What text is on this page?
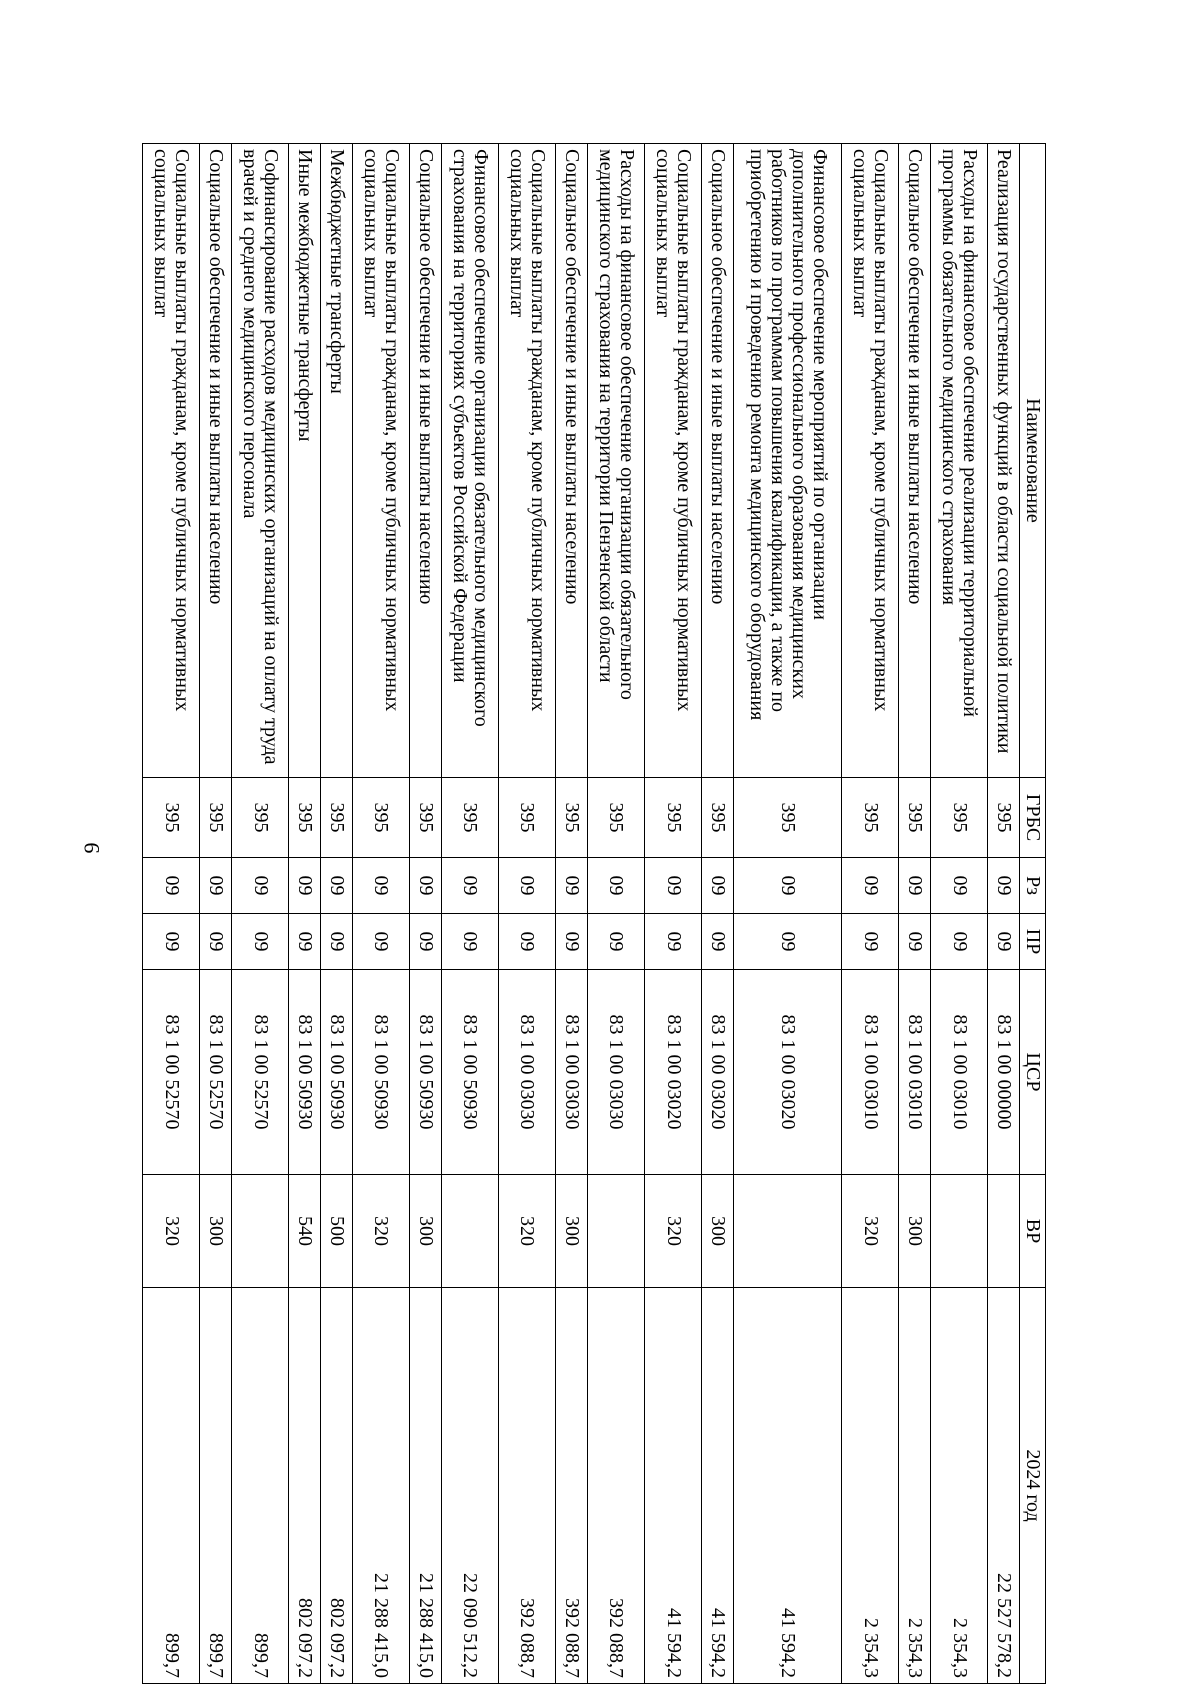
9
Наименование	ГРБС	Рз	ПР	ЦСР	ВР	2024 год
Реализация государственных функций в области социальной политики	395	09	09	83 1 00 00000		22 527 578,2
Расходы на финансовое обеспечение реализации территориальной программы обязательного медицинского страхования	395	09	09	83 1 00 03010		2 354,3
Социальное обеспечение и иные выплаты населению	395	09	09	83 1 00 03010	300	2 354,3
Социальные выплаты гражданам, кроме публичных нормативных социальных выплат	395	09	09	83 1 00 03010	320	2 354,3
Финансовое обеспечение мероприятий по организации дополнительного профессионального образования медицинских работников по программам повышения квалификации, а также по приобретению и проведению ремонта медицинского оборудования	395	09	09	83 1 00 03020		41 594,2
Социальное обеспечение и иные выплаты населению	395	09	09	83 1 00 03020	300	41 594,2
Социальные выплаты гражданам, кроме публичных нормативных социальных выплат	395	09	09	83 1 00 03020	320	41 594,2
Расходы на финансовое обеспечение организации обязательного медицинского страхования на территории Пензенской области	395	09	09	83 1 00 03030		392 088,7
Социальное обеспечение и иные выплаты населению	395	09	09	83 1 00 03030	300	392 088,7
Социальные выплаты гражданам, кроме публичных нормативных социальных выплат	395	09	09	83 1 00 03030	320	392 088,7
Финансовое обеспечение организации обязательного медицинского страхования на территориях субъектов Российской Федерации	395	09	09	83 1 00 50930		22 090 512,2
Социальное обеспечение и иные выплаты населению	395	09	09	83 1 00 50930	300	21 288 415,0
Социальные выплаты гражданам, кроме публичных нормативных социальных выплат	395	09	09	83 1 00 50930	320	21 288 415,0
Межбюджетные трансферты	395	09	09	83 1 00 50930	500	802 097,2
Иные межбюджетные трансферты	395	09	09	83 1 00 50930	540	802 097,2
Софинансирование расходов медицинских организаций на оплату труда врачей и среднего медицинского персонала	395	09	09	83 1 00 52570		899,7
Социальное обеспечение и иные выплаты населению	395	09	09	83 1 00 52570	300	899,7
Социальные выплаты гражданам, кроме публичных нормативных социальных выплат	395	09	09	83 1 00 52570	320	899,7
